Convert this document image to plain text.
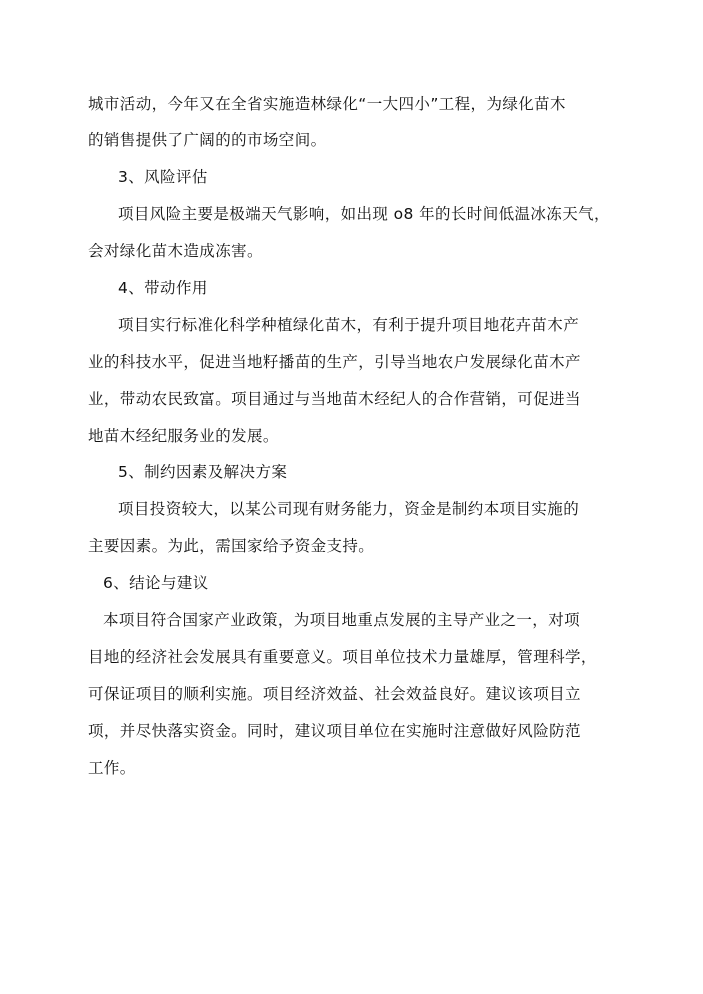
城市活动，今年又在全省实施造林绿化“一大四小”工程，为绿化苗木
的销售提供了广阔的的市场空间。
3、风险评估
项目风险主要是极端天气影响，如出现 o8 年的长时间低温冰冻天气，
会对绿化苗木造成冻害。
4、带动作用
项目实行标准化科学种植绿化苗木，有利于提升项目地花卉苗木产
业的科技水平，促进当地籽播苗的生产，引导当地农户发展绿化苗木产
业，带动农民致富。项目通过与当地苗木经纪人的合作营销，可促进当
地苗木经纪服务业的发展。
5、制约因素及解决方案
项目投资较大，以某公司现有财务能力，资金是制约本项目实施的
主要因素。为此，需国家给予资金支持。
6、结论与建议
本项目符合国家产业政策，为项目地重点发展的主导产业之一，对项
目地的经济社会发展具有重要意义。项目单位技术力量雄厚，管理科学，
可保证项目的顺利实施。项目经济效益、社会效益良好。建议该项目立
项，并尽快落实资金。同时，建议项目单位在实施时注意做好风险防范
工作。
